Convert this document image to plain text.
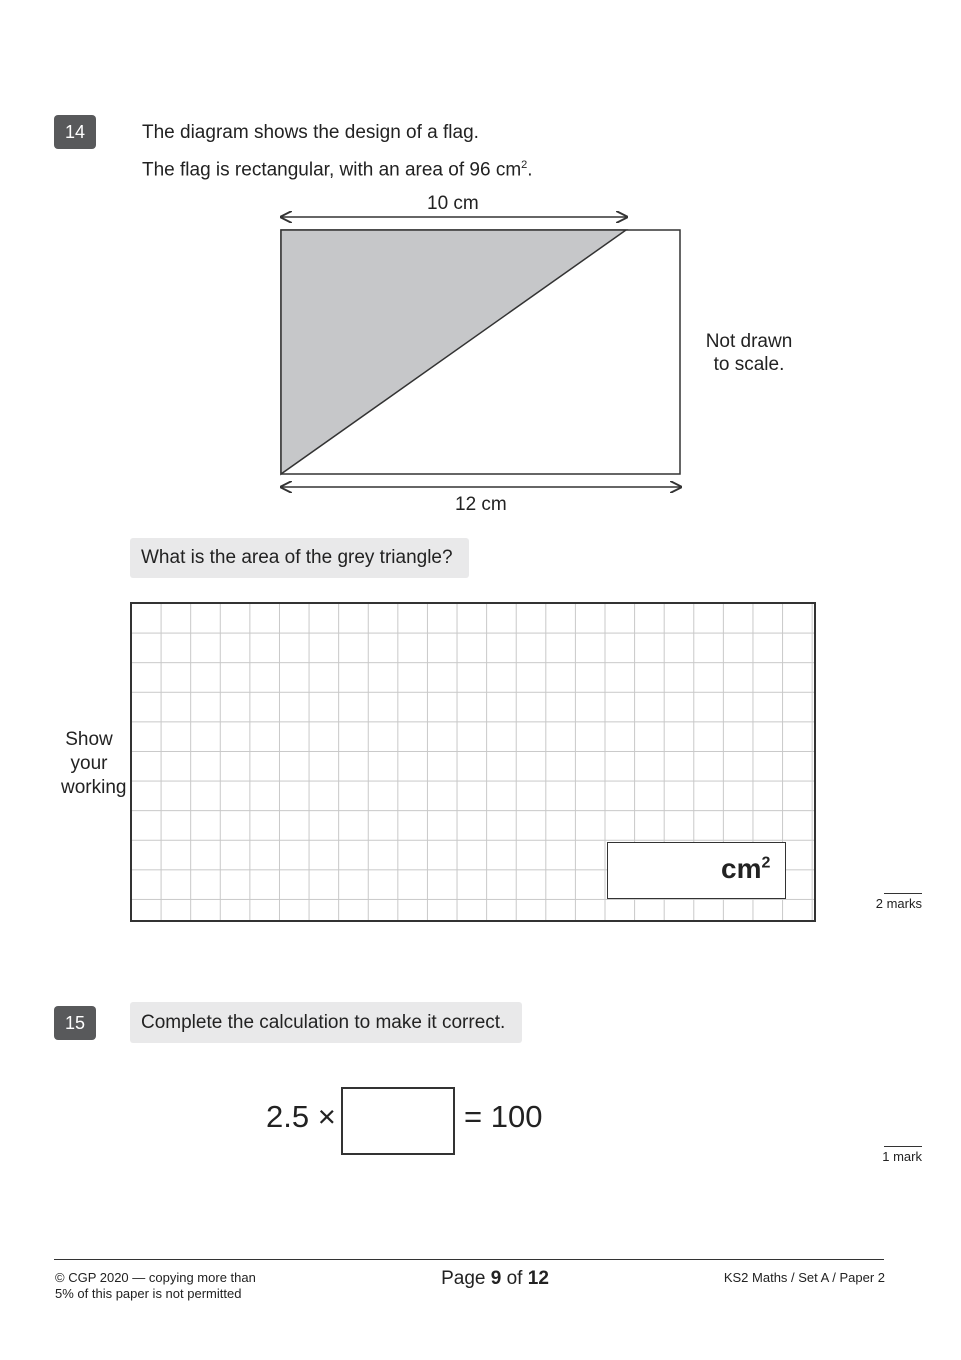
14	The diagram shows the design of a flag.
The flag is rectangular, with an area of 96 $cm^2$.
10 cm
12 cm
Not drawn
to scale.
What is the area of the grey triangle?
Show
your
working
$cm^2$
2 marks
15	Complete the calculation to make it correct.
2.5 ×	= 100
1 mark
© CGP 2020 — copying more than
5% of this paper is not permitted
Page 9 of 12	KS2 Maths / Set A / Paper 2
